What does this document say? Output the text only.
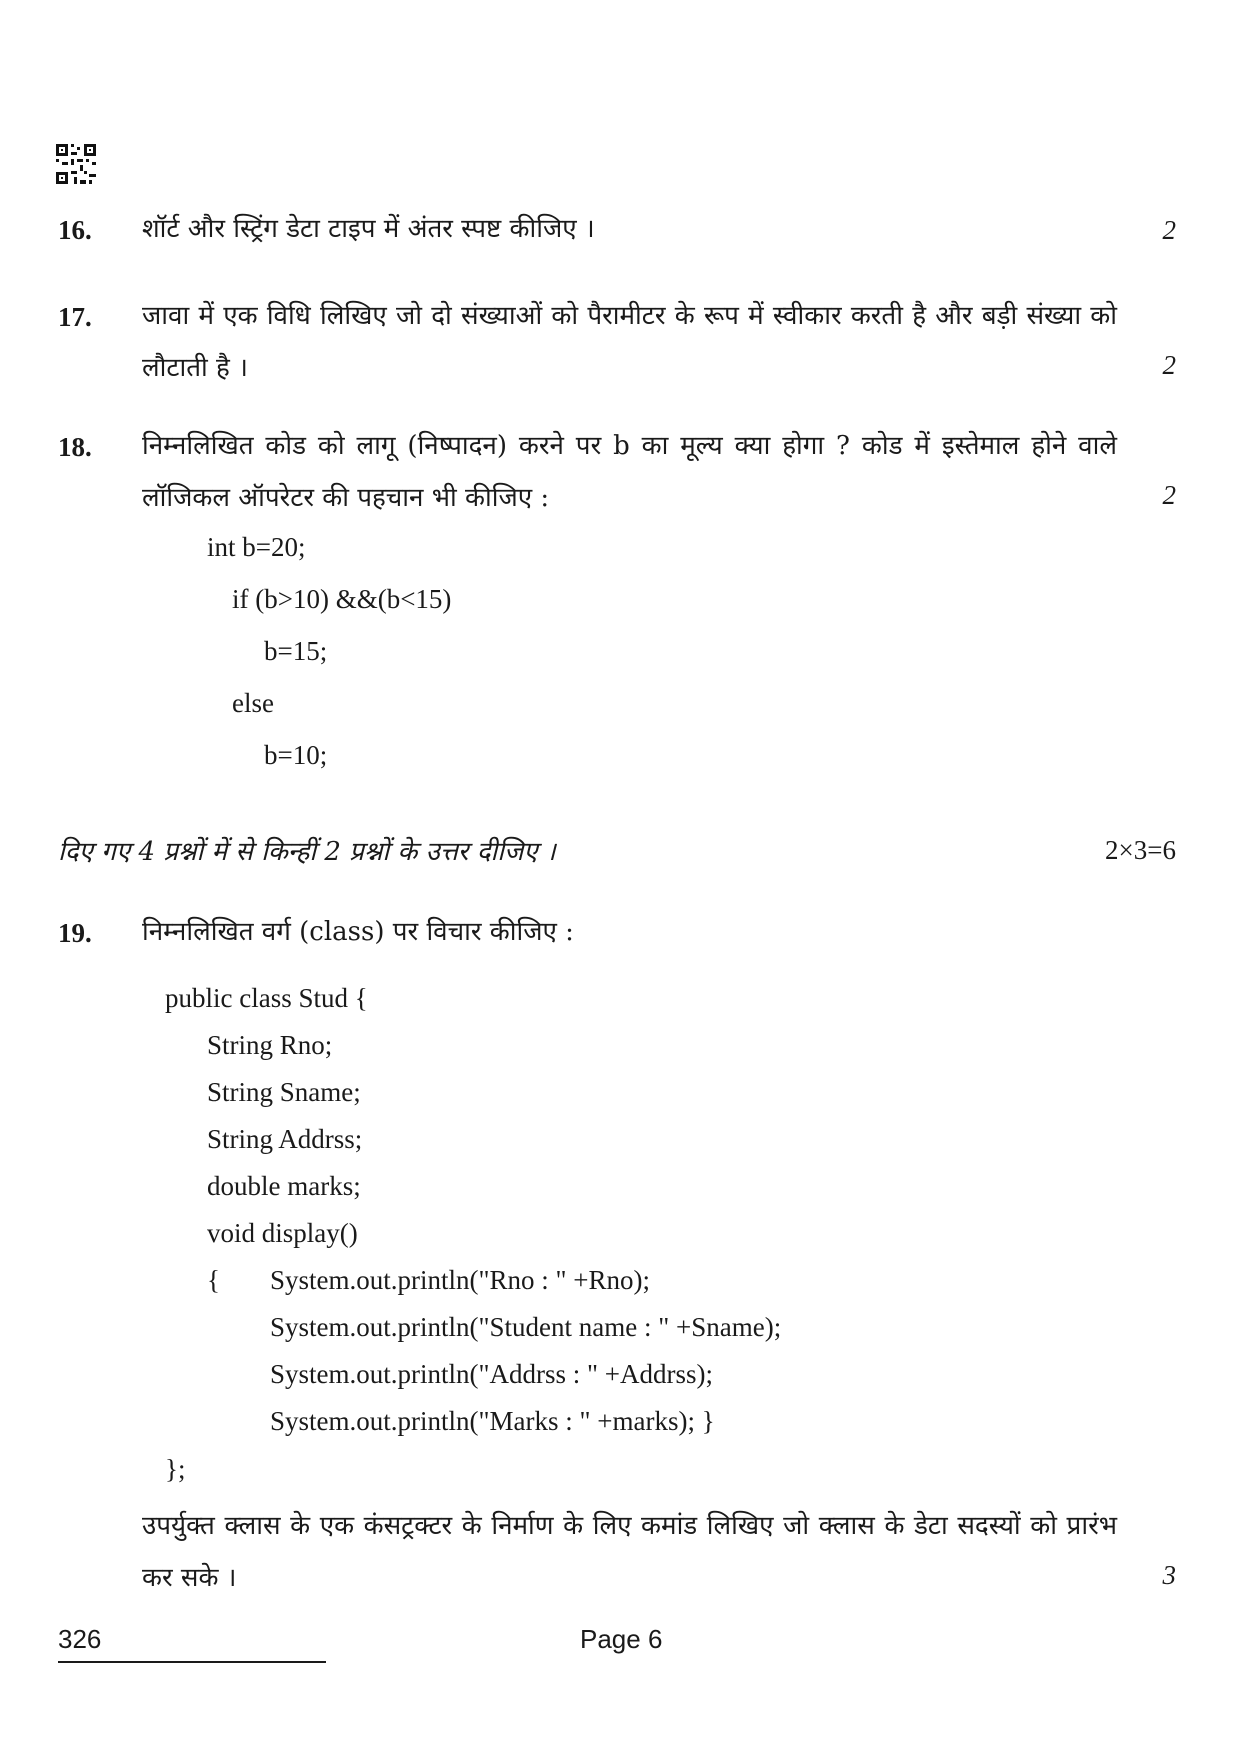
16. शॉर्ट और स्ट्रिंग डेटा टाइप में अंतर स्पष्ट कीजिए ।	2
17. जावा में एक विधि लिखिए जो दो संख्याओं को पैरामीटर के रूप में स्वीकार करती है और बड़ी संख्या को लौटाती है ।	2
18. निम्नलिखित कोड को लागू (निष्पादन) करने पर b का मूल्य क्या होगा ? कोड में इस्तेमाल होने वाले लॉजिकल ऑपरेटर की पहचान भी कीजिए :	2
int b=20;
if (b>10) &&(b<15)
b=15;
else
b=10;
दिए गए 4 प्रश्नों में से किन्हीं 2 प्रश्नों के उत्तर दीजिए ।	2×3=6
19. निम्नलिखित वर्ग (class) पर विचार कीजिए :
public class Stud {
String Rno;
String Sname;
String Addrss;
double marks;
void display()
{ System.out.println("Rno : " +Rno);
System.out.println("Student name : " +Sname);
System.out.println("Addrss : " +Addrss);
System.out.println("Marks : " +marks); }
};
उपर्युक्त क्लास के एक कंसट्रक्टर के निर्माण के लिए कमांड लिखिए जो क्लास के डेटा सदस्यों को प्रारंभ कर सके ।	3
326	Page 6
